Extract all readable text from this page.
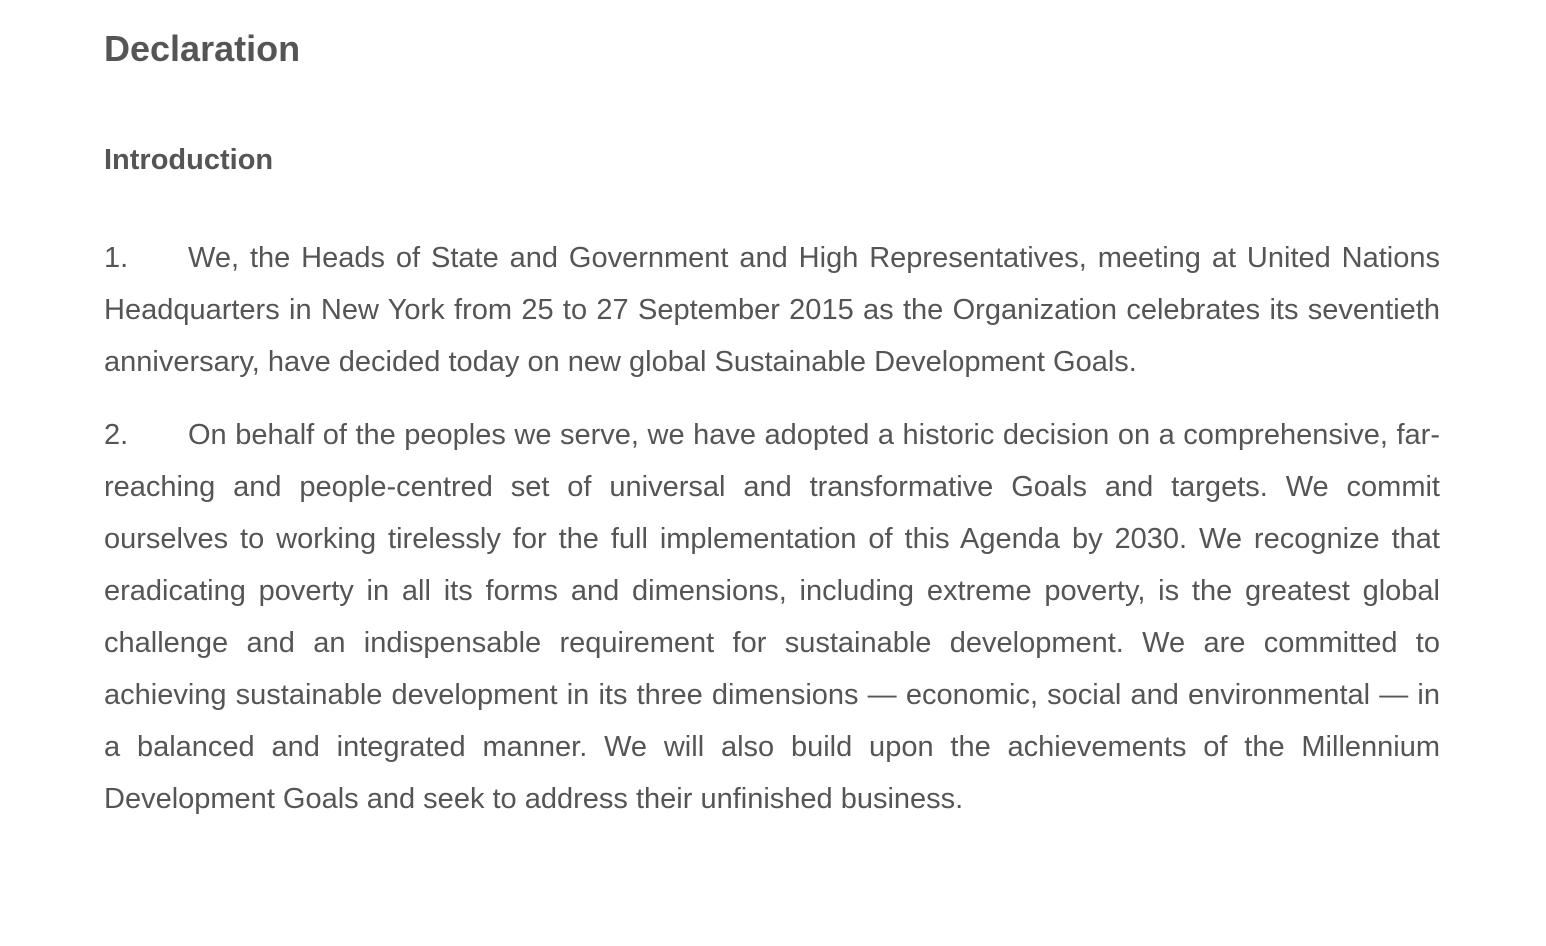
Declaration
Introduction

1. We, the Heads of State and Government and High Representatives, meeting at United Nations Headquarters in New York from 25 to 27 September 2015 as the Organization celebrates its seventieth anniversary, have decided today on new global Sustainable Development Goals.

2. On behalf of the peoples we serve, we have adopted a historic decision on a comprehensive, far-reaching and people-centred set of universal and transformative Goals and targets. We commit ourselves to working tirelessly for the full implementation of this Agenda by 2030. We recognize that eradicating poverty in all its forms and dimensions, including extreme poverty, is the greatest global challenge and an indispensable requirement for sustainable development. We are committed to achieving sustainable development in its three dimensions — economic, social and environmental — in a balanced and integrated manner. We will also build upon the achievements of the Millennium Development Goals and seek to address their unfinished business.
